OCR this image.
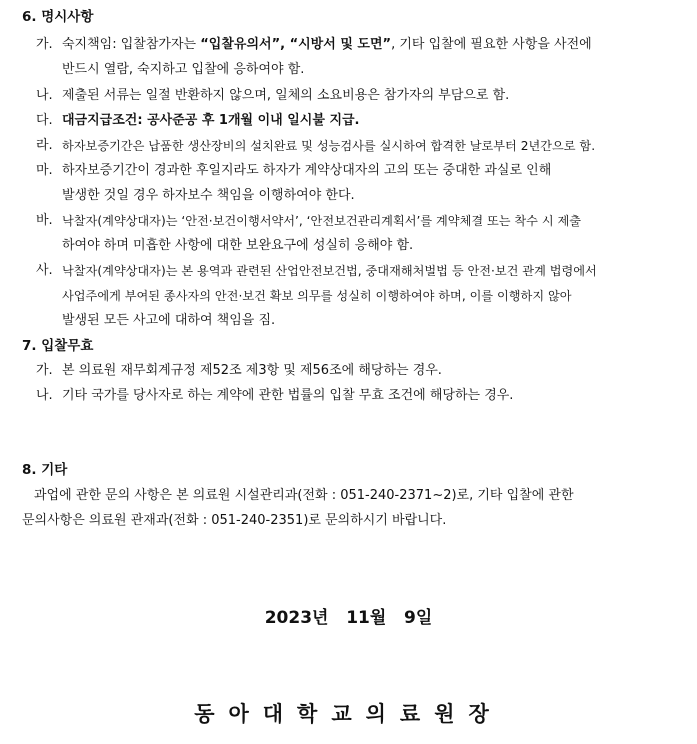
6. 명시사항
가. 숙지책임: 입찰참가자는 “입찰유의서”, “시방서 및 도면”, 기타 입찰에 필요한 사항을 사전에
반드시 열람, 숙지하고 입찰에 응하여야 함.
나. 제출된 서류는 일절 반환하지 않으며, 일체의 소요비용은 참가자의 부담으로 함.
다. 대금지급조건: 공사준공 후 1개월 이내 일시불 지급.
라. 하자보증기간은 납품한 생산장비의 설치완료 및 성능검사를 실시하여 합격한 날로부터 2년간으로 함.
마. 하자보증기간이 경과한 후일지라도 하자가 계약상대자의 고의 또는 중대한 과실로 인해
발생한 것일 경우 하자보수 책임을 이행하여야 한다.
바. 낙찰자(계약상대자)는 ‘안전·보건이행서약서’, ‘안전보건관리계획서’를 계약체결 또는 착수 시 제출
하여야 하며 미흡한 사항에 대한 보완요구에 성실히 응해야 함.
사. 낙찰자(계약상대자)는 본 용역과 관련된 산업안전보건법, 중대재해처벌법 등 안전·보건 관계 법령에서
사업주에게 부여된 종사자의 안전·보건 확보 의무를 성실히 이행하여야 하며, 이를 이행하지 않아
발생된 모든 사고에 대하여 책임을 짐.
7. 입찰무효
가. 본 의료원 재무회계규정 제52조 제3항 및 제56조에 해당하는 경우.
나. 기타 국가를 당사자로 하는 계약에 관한 법률의 입찰 무효 조건에 해당하는 경우.
8. 기타
과업에 관한 문의 사항은 본 의료원 시설관리과(전화 : 051-240-2371~2)로, 기타 입찰에 관한
문의사항은 의료원 관재과(전화 : 051-240-2351)로 문의하시기 바랍니다.
2023년   11월   9일
동아대학교의료원장
